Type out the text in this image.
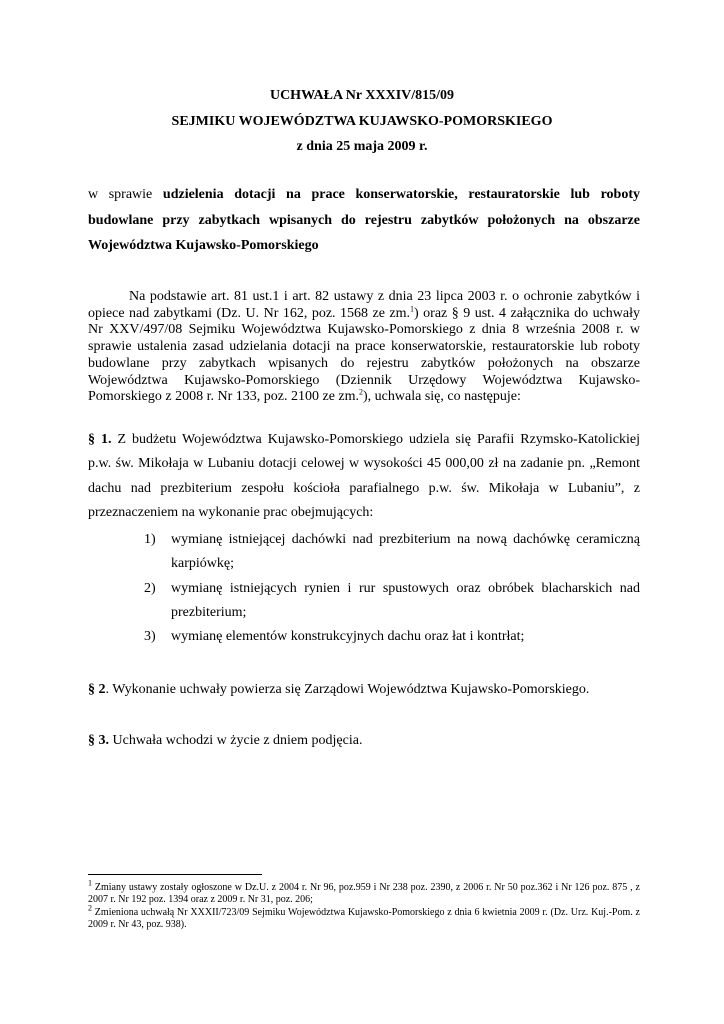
UCHWAŁA Nr XXXIV/815/09
SEJMIKU WOJEWÓDZTWA KUJAWSKO-POMORSKIEGO
z dnia 25 maja 2009 r.
w sprawie udzielenia dotacji na prace konserwatorskie, restauratorskie lub roboty budowlane przy zabytkach wpisanych do rejestru zabytków położonych na obszarze Województwa Kujawsko-Pomorskiego
Na podstawie art. 81 ust.1 i art. 82 ustawy z dnia 23 lipca 2003 r. o ochronie zabytków i opiece nad zabytkami (Dz. U. Nr 162, poz. 1568 ze zm.$^1$) oraz § 9 ust. 4 załącznika do uchwały Nr XXV/497/08 Sejmiku Województwa Kujawsko-Pomorskiego z dnia 8 września 2008 r. w sprawie ustalenia zasad udzielania dotacji na prace konserwatorskie, restauratorskie lub roboty budowlane przy zabytkach wpisanych do rejestru zabytków położonych na obszarze Województwa Kujawsko-Pomorskiego (Dziennik Urzędowy Województwa Kujawsko-Pomorskiego z 2008 r. Nr 133, poz. 2100 ze zm.$^2$), uchwala się, co następuje:
§ 1. Z budżetu Województwa Kujawsko-Pomorskiego udziela się Parafii Rzymsko-Katolickiej p.w. św. Mikołaja w Lubaniu dotacji celowej w wysokości 45 000,00 zł na zadanie pn. „Remont dachu nad prezbiterium zespołu kościoła parafialnego p.w. św. Mikołaja w Lubaniu”, z przeznaczeniem na wykonanie prac obejmujących:
1)	wymianę istniejącej dachówki nad prezbiterium na nową dachówkę ceramiczną karpiówkę;
2)	wymianę istniejących rynien i rur spustowych oraz obróbek blacharskich nad prezbiterium;
3)	wymianę elementów konstrukcyjnych dachu oraz łat i kontrłat;
§ 2. Wykonanie uchwały powierza się Zarządowi Województwa Kujawsko-Pomorskiego.
§ 3. Uchwała wchodzi w życie z dniem podjęcia.
$^1$ Zmiany ustawy zostały ogłoszone w Dz.U. z 2004 r. Nr 96, poz.959 i Nr 238 poz. 2390, z 2006 r. Nr 50 poz.362 i Nr 126 poz. 875 , z 2007 r. Nr 192 poz. 1394 oraz z 2009 r. Nr 31, poz. 206;
$^2$ Zmieniona uchwałą Nr XXXII/723/09 Sejmiku Województwa Kujawsko-Pomorskiego z dnia 6 kwietnia 2009 r. (Dz. Urz. Kuj.-Pom. z 2009 r. Nr 43, poz. 938).
